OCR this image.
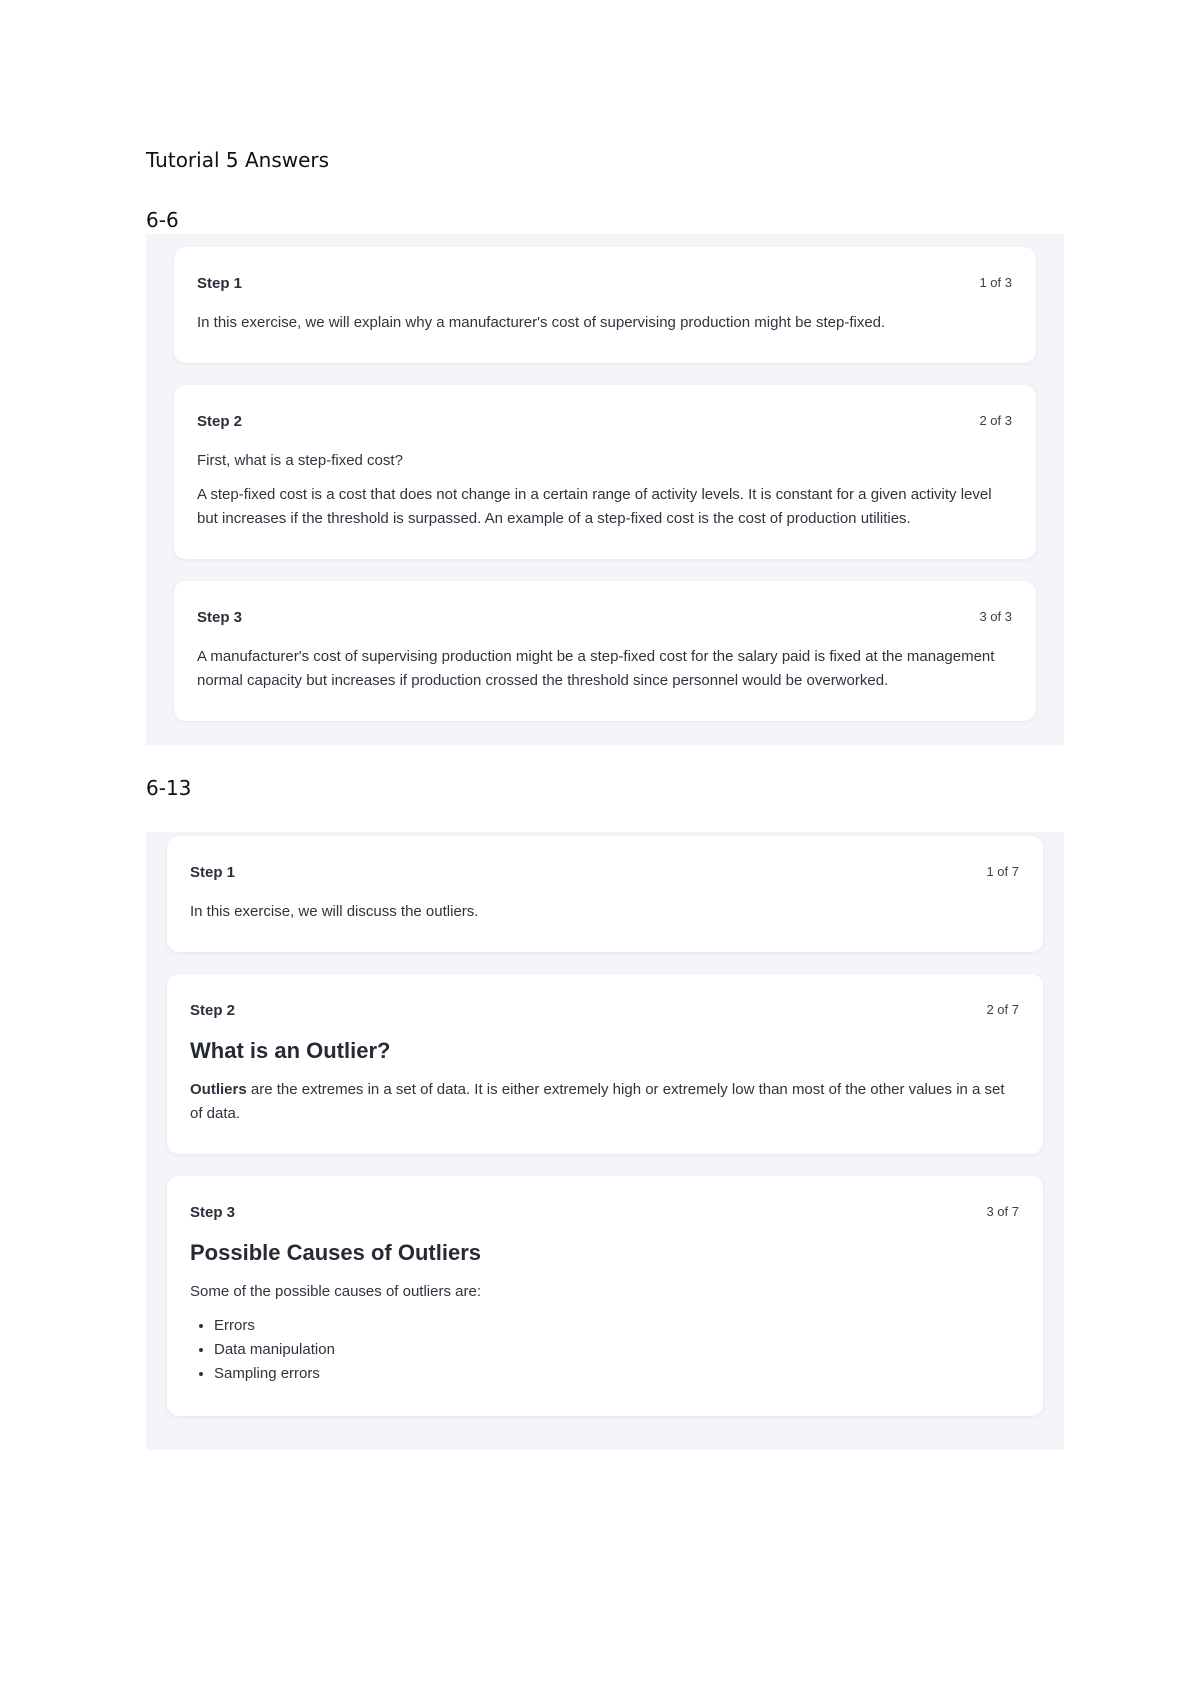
Tutorial 5 Answers
6-6
Step 1	1 of 3

In this exercise, we will explain why a manufacturer's cost of supervising production might be step-fixed.

Step 2	2 of 3

First, what is a step-fixed cost?

A step-fixed cost is a cost that does not change in a certain range of activity levels. It is constant for a given activity level but increases if the threshold is surpassed. An example of a step-fixed cost is the cost of production utilities.

Step 3	3 of 3

A manufacturer's cost of supervising production might be a step-fixed cost for the salary paid is fixed at the management normal capacity but increases if production crossed the threshold since personnel would be overworked.

6-13
Step 1	1 of 7

In this exercise, we will discuss the outliers.

Step 2	2 of 7
What is an Outlier?

Outliers are the extremes in a set of data. It is either extremely high or extremely low than most of the other values in a set of data.

Step 3	3 of 7
Possible Causes of Outliers

Some of the possible causes of outliers are:

• Errors
• Data manipulation
• Sampling errors
